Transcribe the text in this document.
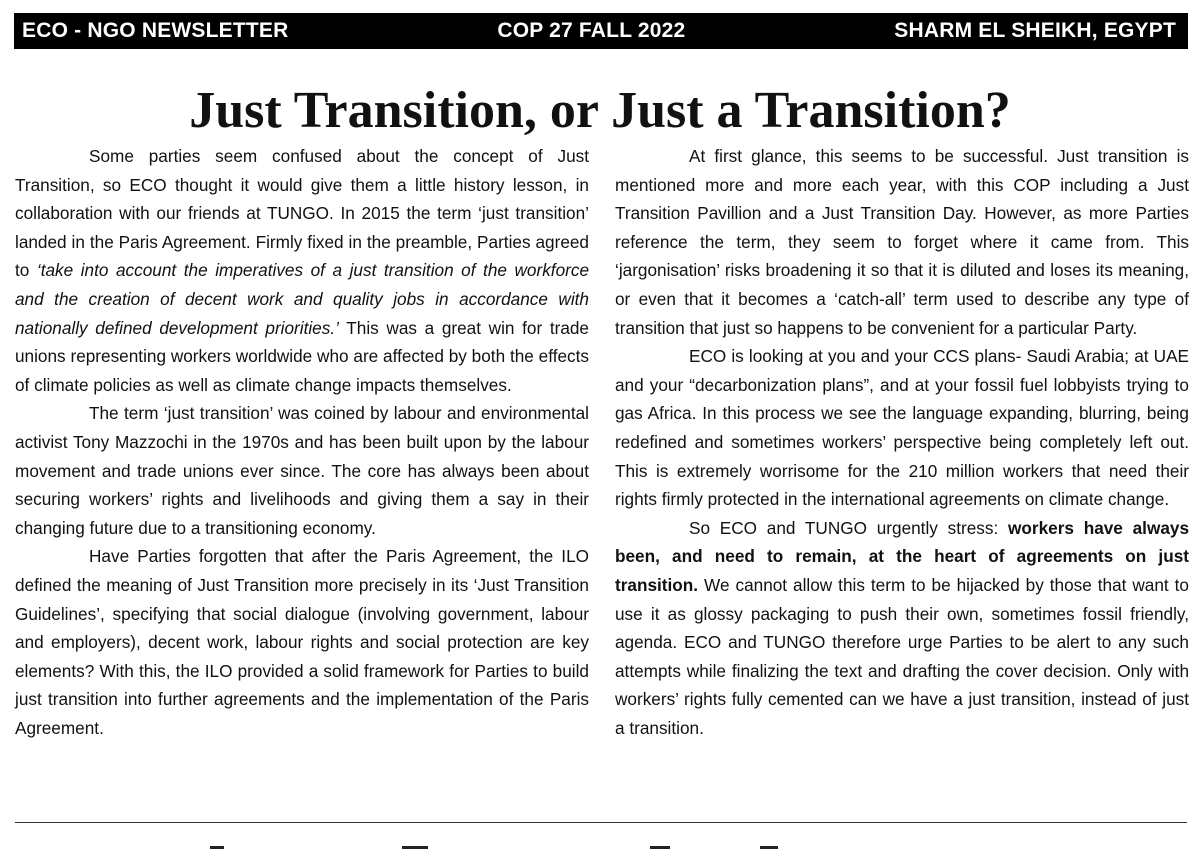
ECO - NGO NEWSLETTER	COP 27 FALL 2022	SHARM EL SHEIKH, EGYPT
Just Transition, or Just a Transition?

Some parties seem confused about the concept of Just Transition, so ECO thought it would give them a little history lesson, in collaboration with our friends at TUNGO. In 2015 the term ‘just transition’ landed in the Paris Agreement. Firmly fixed in the preamble, Parties agreed to ‘take into account the imperatives of a just transition of the workforce and the creation of decent work and quality jobs in accordance with nationally defined development priorities.’ This was a great win for trade unions representing workers worldwide who are affected by both the effects of climate policies as well as climate change impacts themselves.

The term ‘just transition’ was coined by labour and environmental activist Tony Mazzochi in the 1970s and has been built upon by the labour movement and trade unions ever since. The core has always been about securing workers’ rights and livelihoods and giving them a say in their changing future due to a transitioning economy.

Have Parties forgotten that after the Paris Agreement, the ILO defined the meaning of Just Transition more precisely in its ‘Just Transition Guidelines’, specifying that social dialogue (involving government, labour and employers), decent work, labour rights and social protection are key elements? With this, the ILO provided a solid framework for Parties to build just transition into further agreements and the implementation of the Paris Agreement.

At first glance, this seems to be successful. Just transition is mentioned more and more each year, with this COP including a Just Transition Pavillion and a Just Transition Day. However, as more Parties reference the term, they seem to forget where it came from. This ‘jargonisation’ risks broadening it so that it is diluted and loses its meaning, or even that it becomes a ‘catch-all’ term used to describe any type of transition that just so happens to be convenient for a particular Party.

ECO is looking at you and your CCS plans- Saudi Arabia; at UAE and your “decarbonization plans”, and at your fossil fuel lobbyists trying to gas Africa. In this process we see the language expanding, blurring, being redefined and sometimes workers’ perspective being completely left out. This is extremely worrisome for the 210 million workers that need their rights firmly protected in the international agreements on climate change.

So ECO and TUNGO urgently stress: workers have always been, and need to remain, at the heart of agreements on just transition. We cannot allow this term to be hijacked by those that want to use it as glossy packaging to push their own, sometimes fossil friendly, agenda. ECO and TUNGO therefore urge Parties to be alert to any such attempts while finalizing the text and drafting the cover decision. Only with workers’ rights fully cemented can we have a just transition, instead of just a transition.
